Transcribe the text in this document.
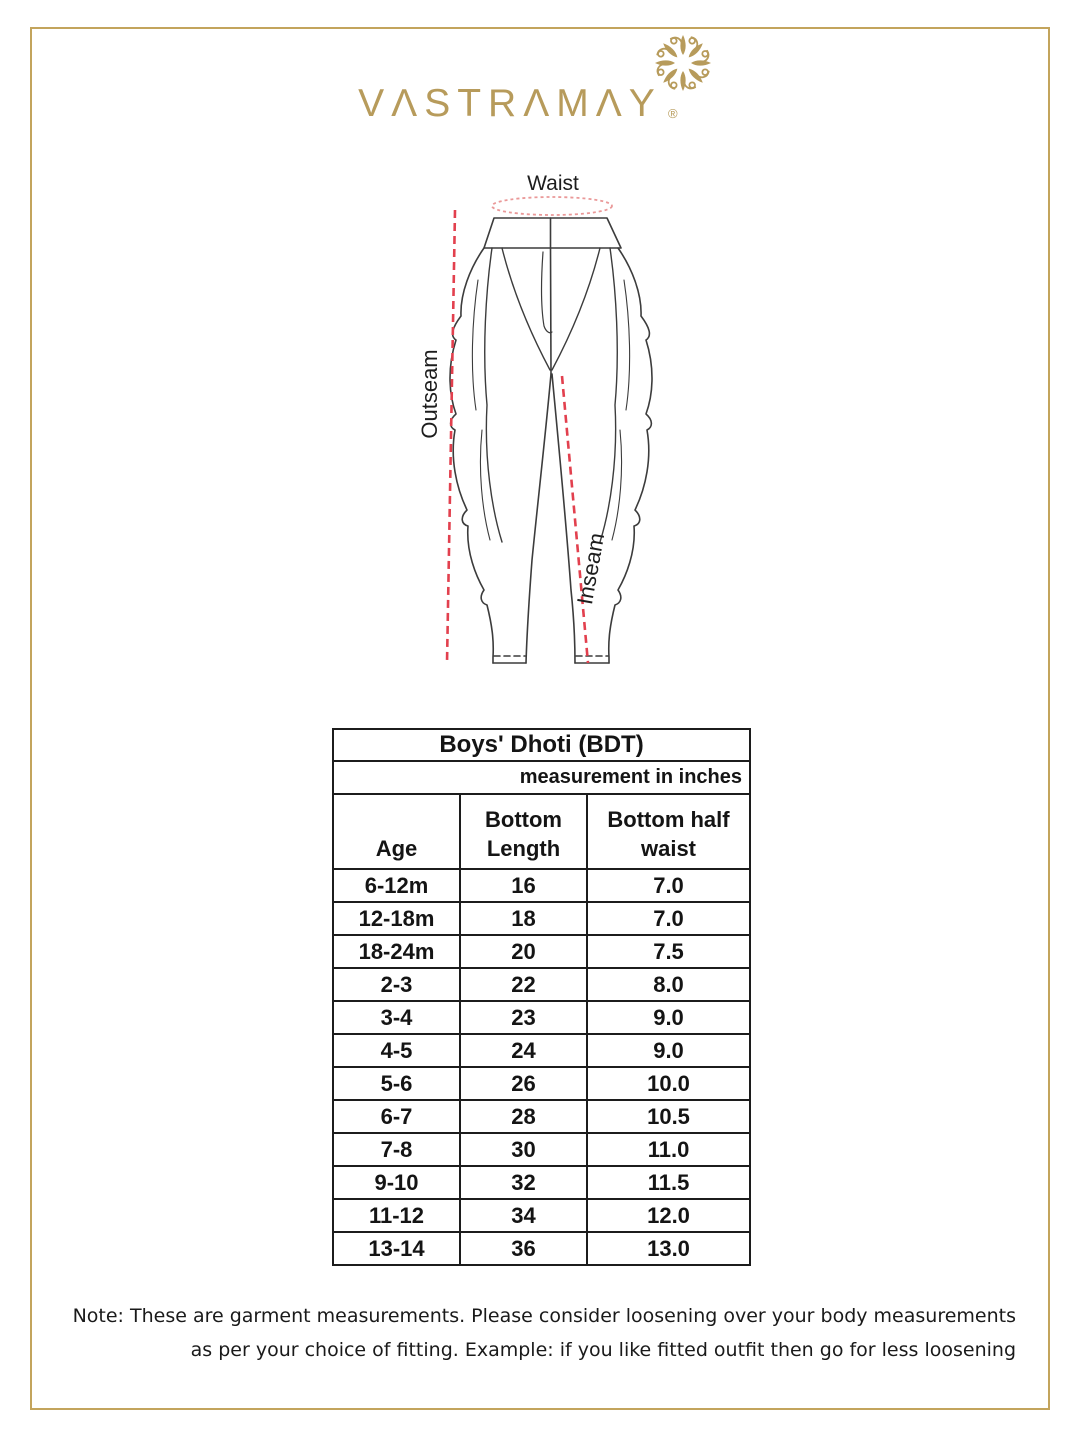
VΛSTRΛMΛY ®
Waist
Outseam
Inseam
Boys' Dhoti (BDT)		
measurement in inches		
Age	Bottom Length	Bottom half waist
6-12m	16	7.0
12-18m	18	7.0
18-24m	20	7.5
2-3	22	8.0
3-4	23	9.0
4-5	24	9.0
5-6	26	10.0
6-7	28	10.5
7-8	30	11.0
9-10	32	11.5
11-12	34	12.0
13-14	36	13.0
Note: These are garment measurements. Please consider loosening over your body measurements
as per your choice of fitting. Example: if you like fitted outfit then go for less loosening
